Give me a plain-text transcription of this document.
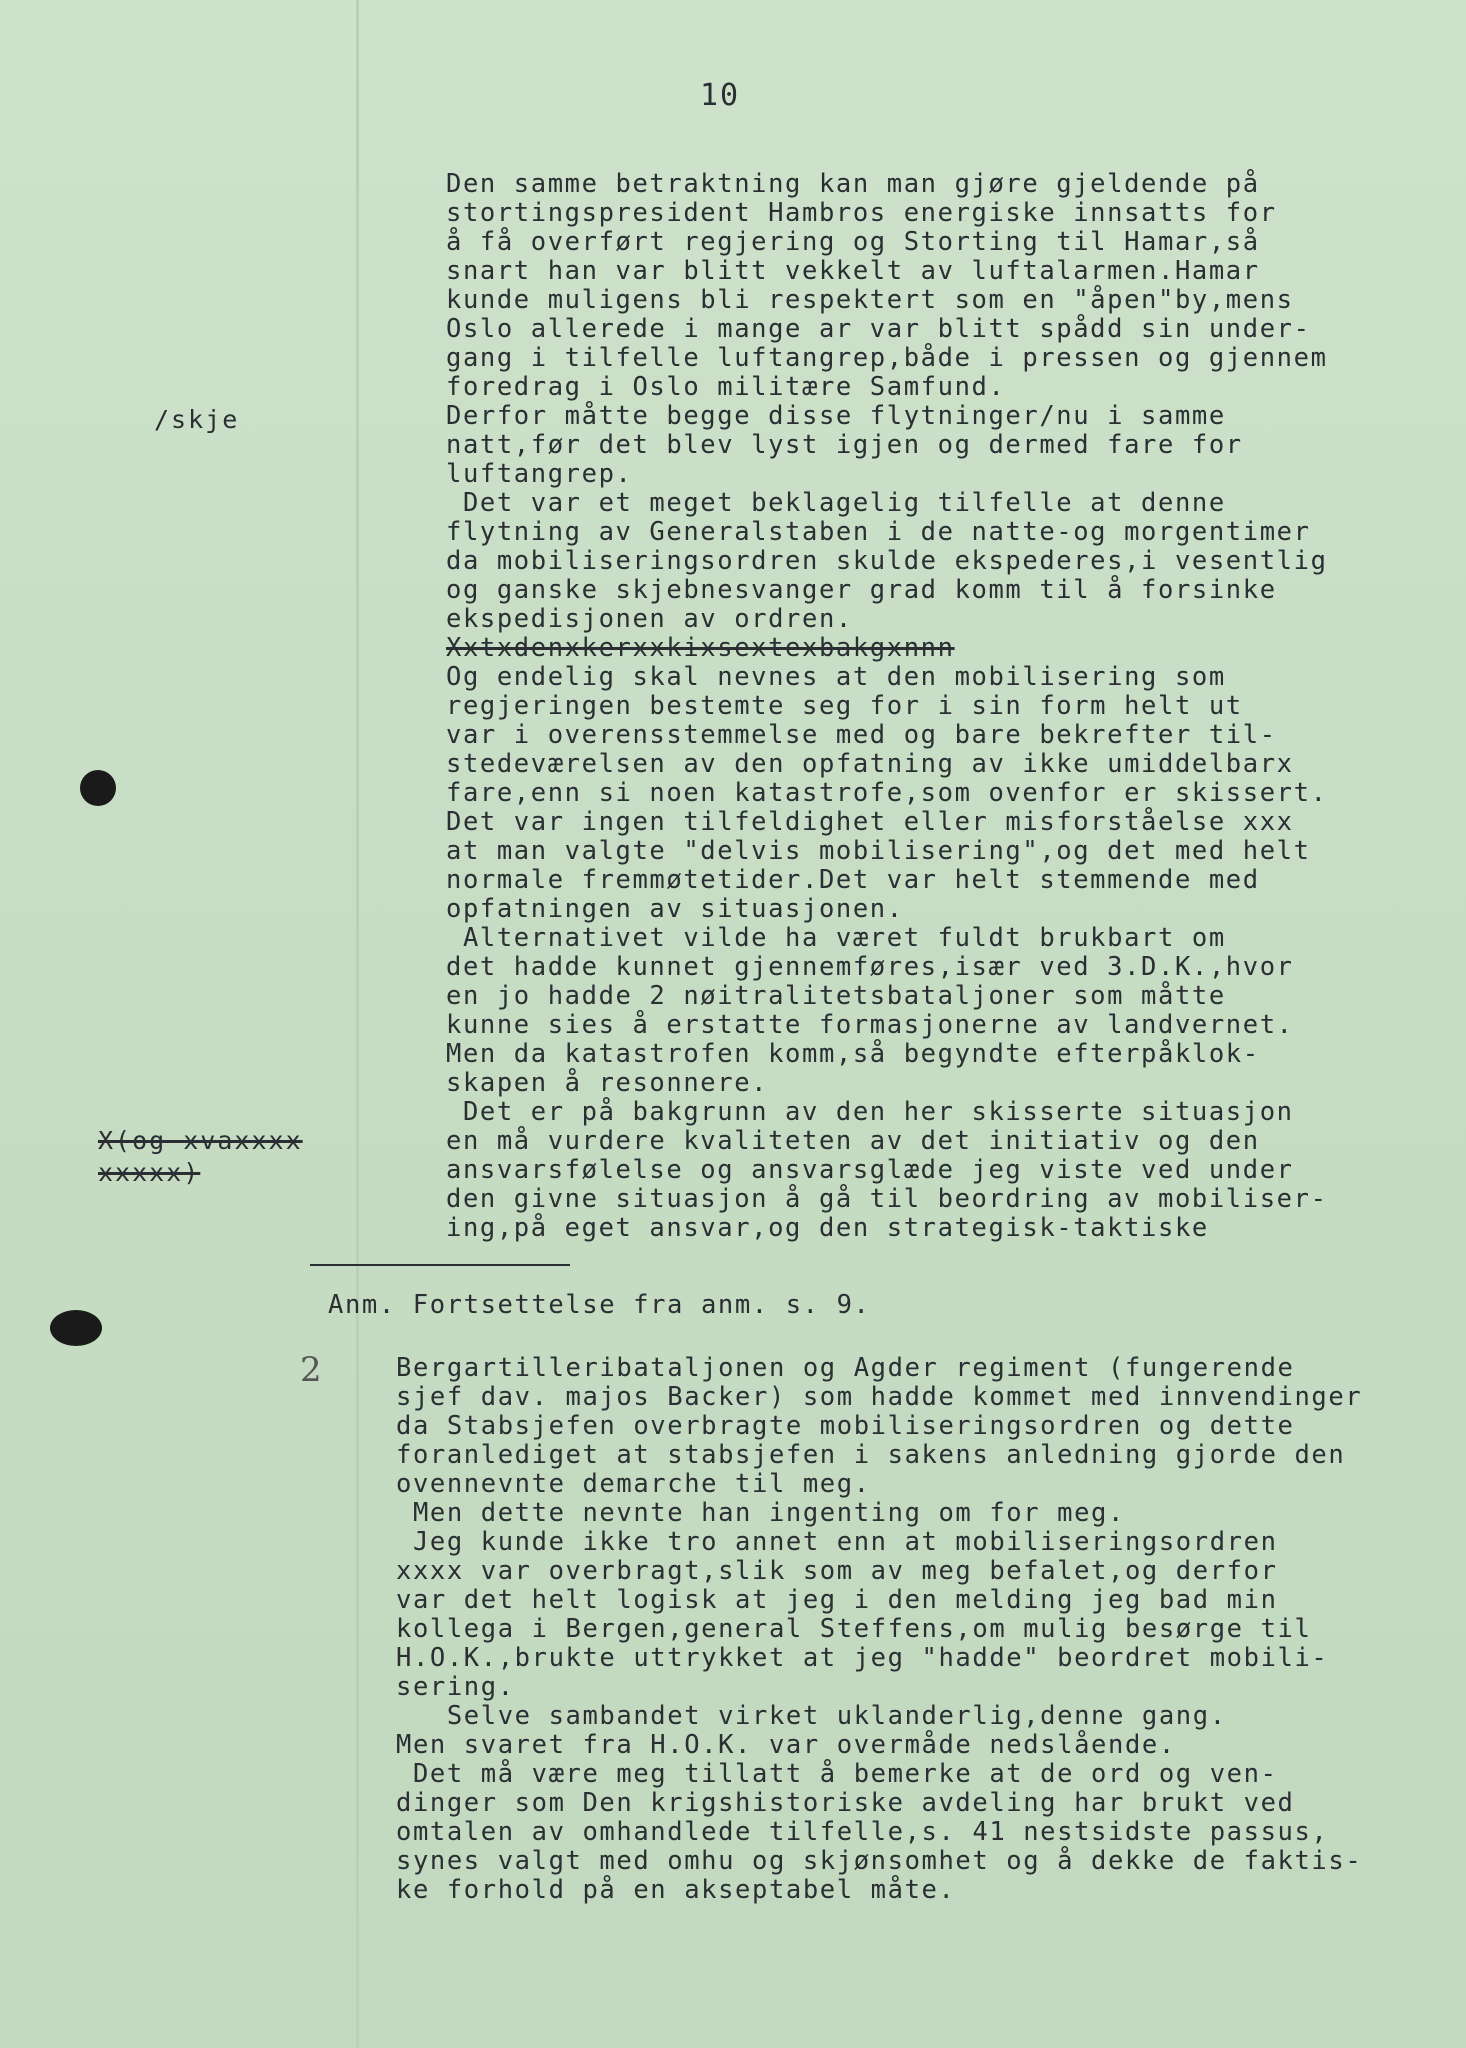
10
/skje
X(og xvaxxxx
xxxxx)
Den samme betraktning kan man gjøre gjeldende på
stortingspresident Hambros energiske innsatts for
å få overført regjering og Storting til Hamar,så
snart han var blitt vekkelt av luftalarmen.Hamar
kunde muligens bli respektert som en "åpen"by,mens
Oslo allerede i mange ar var blitt spådd sin under-
gang i tilfelle luftangrep,både i pressen og gjennem
foredrag i Oslo militære Samfund.
Derfor måtte begge disse flytninger/nu i samme
natt,før det blev lyst igjen og dermed fare for
luftangrep.
Det var et meget beklagelig tilfelle at denne
flytning av Generalstaben i de natte-og morgentimer
da mobiliseringsordren skulde ekspederes,i vesentlig
og ganske skjebnesvanger grad komm til å forsinke
ekspedisjonen av ordren.
Xxtxdenxkerxxkixsextexbakgxnnn
Og endelig skal nevnes at den mobilisering som
regjeringen bestemte seg for i sin form helt ut
var i overensstemmelse med og bare bekrefter til-
stedeværelsen av den opfatning av ikke umiddelbarx
fare,enn si noen katastrofe,som ovenfor er skissert.
Det var ingen tilfeldighet eller misforståelse xxx
at man valgte "delvis mobilisering",og det med helt
normale fremmøtetider.Det var helt stemmende med
opfatningen av situasjonen.
Alternativet vilde ha været fuldt brukbart om
det hadde kunnet gjennemføres,især ved 3.D.K.,hvor
en jo hadde 2 nøitralitetsbataljoner som måtte
kunne sies å erstatte formasjonerne av landvernet.
Men da katastrofen komm,så begyndte efterpåklok-
skapen å resonnere.
Det er på bakgrunn av den her skisserte situasjon
en må vurdere kvaliteten av det initiativ og den
ansvarsfølelse og ansvarsglæde jeg viste ved under
den givne situasjon å gå til beordring av mobiliser-
ing,på eget ansvar,og den strategisk-taktiske
Anm. Fortsettelse fra anm. s. 9.
2	Bergartilleribataljonen og Agder regiment (fungerende
sjef dav. majos Backer) som hadde kommet med innvendinger
da Stabsjefen overbragte mobiliseringsordren og dette
foranlediget at stabsjefen i sakens anledning gjorde den
ovennevnte demarche til meg.
Men dette nevnte han ingenting om for meg.
Jeg kunde ikke tro annet enn at mobiliseringsordren
xxxx var overbragt,slik som av meg befalet,og derfor
var det helt logisk at jeg i den melding jeg bad min
kollega i Bergen,general Steffens,om mulig besørge til
H.O.K.,brukte uttrykket at jeg "hadde" beordret mobili-
sering.
Selve sambandet virket uklanderlig,denne gang.
Men svaret fra H.O.K. var overmåde nedslående.
Det må være meg tillatt å bemerke at de ord og ven-
dinger som Den krigshistoriske avdeling har brukt ved
omtalen av omhandlede tilfelle,s. 41 nestsidste passus,
synes valgt med omhu og skjønsomhet og å dekke de faktis-
ke forhold på en akseptabel måte.
